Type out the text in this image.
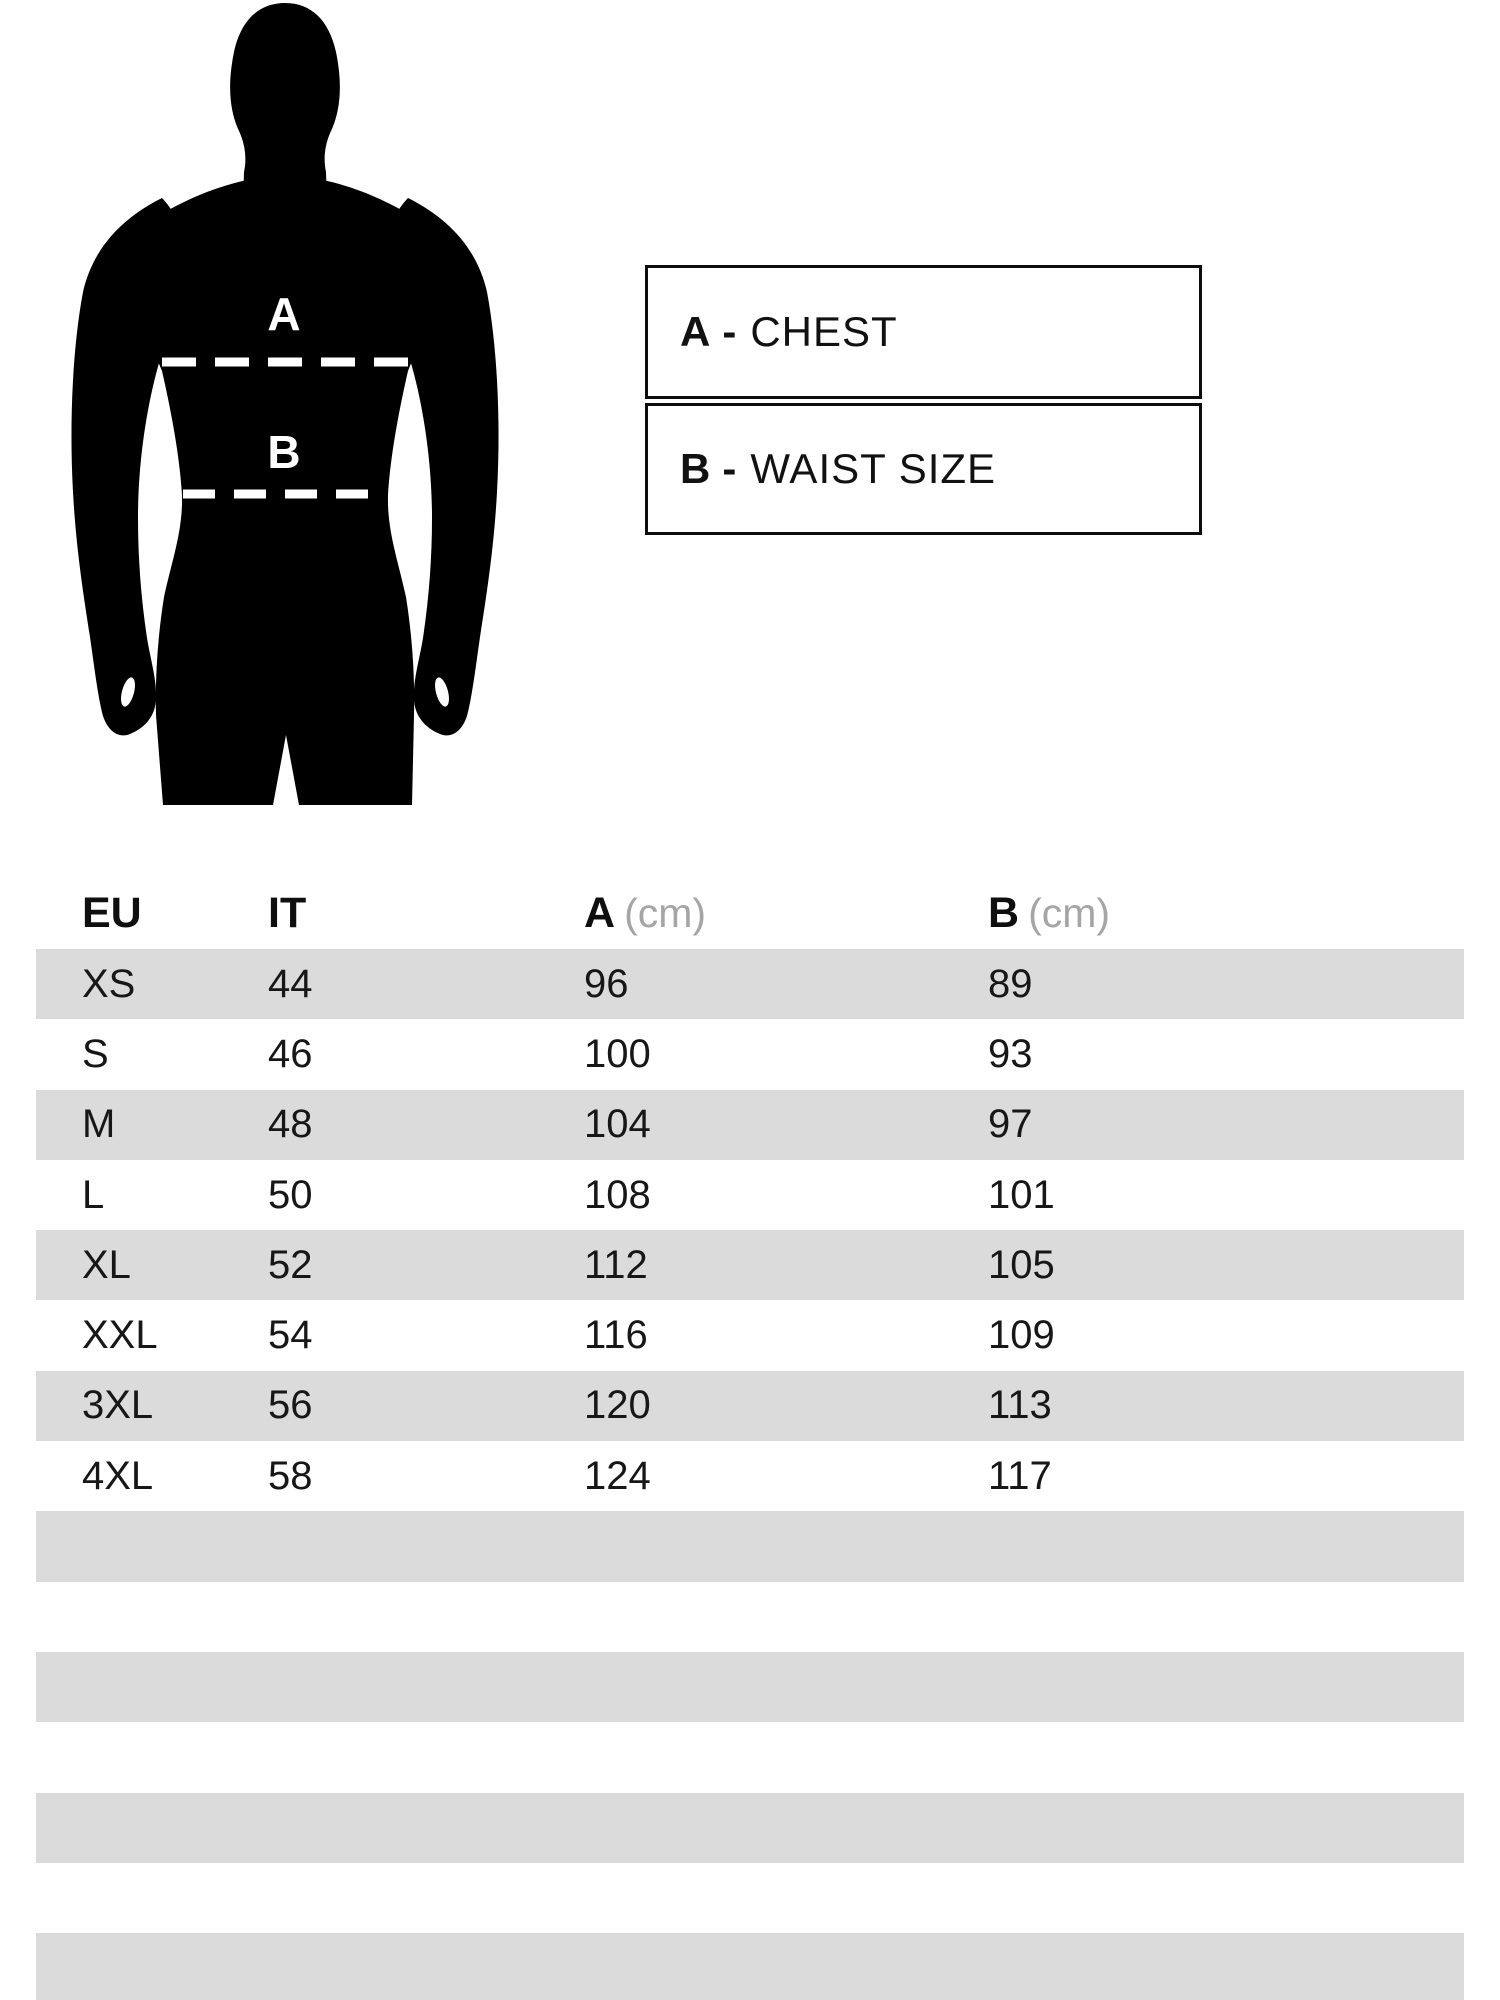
A
B
A - CHEST
B - WAIST SIZE
EU	IT	A (cm)	B (cm)
XS	44	96	89
S	46	100	93
M	48	104	97
L	50	108	101
XL	52	112	105
XXL	54	116	109
3XL	56	120	113
4XL	58	124	117
